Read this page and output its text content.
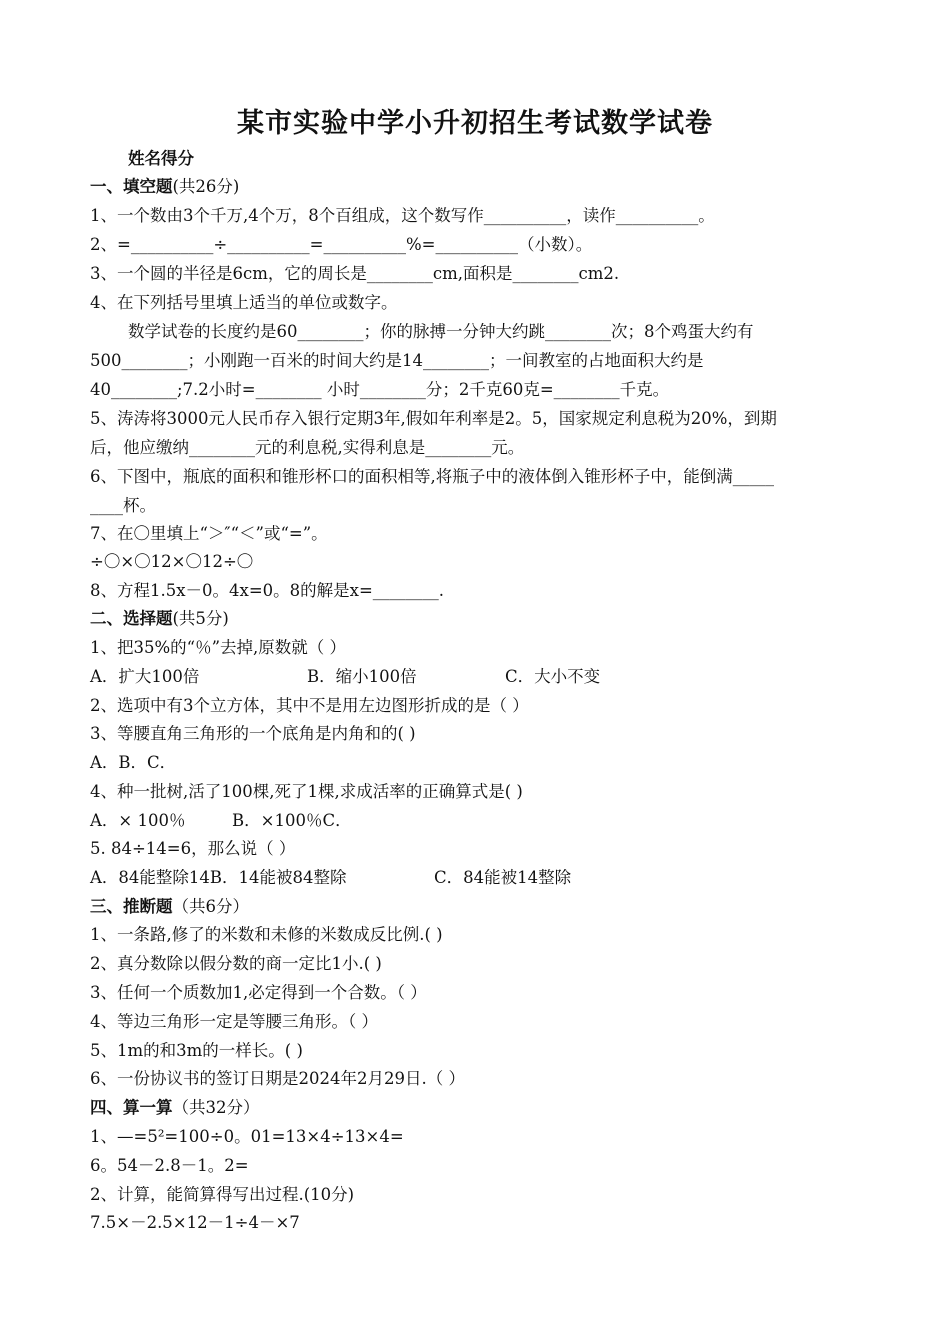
某市实验中学小升初招生考试数学试卷
姓名得分
一、填空题(共26分)
1、一个数由3个千万,4个万，8个百组成，这个数写作__________，读作__________。
2、=__________÷__________=__________%=__________（小数）。
3、一个圆的半径是6cm，它的周长是________cm,面积是________cm2.
4、在下列括号里填上适当的单位或数字。
数学试卷的长度约是60________；你的脉搏一分钟大约跳________次；8个鸡蛋大约有
500________；小刚跑一百米的时间大约是14________；一间教室的占地面积大约是
40________;7.2小时=________ 小时________分；2千克60克=________千克。
5、涛涛将3000元人民币存入银行定期3年,假如年利率是2。5，国家规定利息税为20%，到期
后，他应缴纳________元的利息税,实得利息是________元。
6、下图中，瓶底的面积和锥形杯口的面积相等,将瓶子中的液体倒入锥形杯子中，能倒满_____
____杯。
7、在〇里填上“＞″“＜”或“=”。
÷〇×〇12×〇12÷〇
8、方程1.5x－0。4x=0。8的解是x=________.
二、选择题(共5分)
1、把35%的“％”去掉,原数就（ ）
A．扩大100倍	B．缩小100倍	C．大小不变
2、选项中有3个立方体，其中不是用左边图形折成的是（ ）
3、等腰直角三角形的一个底角是内角和的( )
A．B．C．
4、种一批树,活了100棵,死了1棵,求成活率的正确算式是( )
A．× 100％	B．×100％C．
5. 84÷14=6，那么说（ ）
A．84能整除14B．14能被84整除	C．84能被14整除
三、推断题（共6分）
1、一条路,修了的米数和未修的米数成反比例.( )
2、真分数除以假分数的商一定比1小.( )
3、任何一个质数加1,必定得到一个合数。（ ）
4、等边三角形一定是等腰三角形。（ ）
5、1m的和3m的一样长。( )
6、一份协议书的签订日期是2024年2月29日.（ ）
四、算一算（共32分）
1、—=5²=100÷0。01=13×4÷13×4=
6。54－2.8－1。2=
2、计算，能简算得写出过程.(10分)
7.5×－2.5×12－1÷4－×7
